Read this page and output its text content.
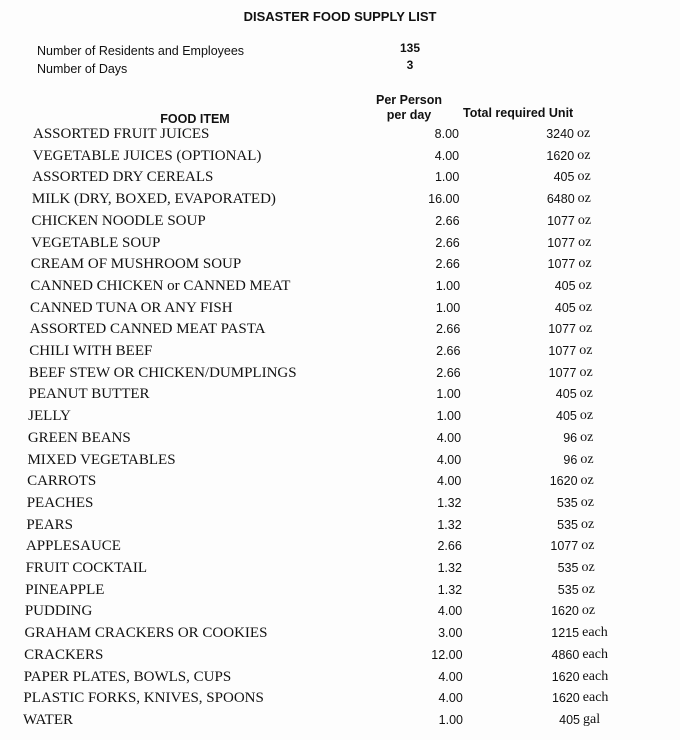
DISASTER FOOD SUPPLY LIST
Number of Residents and Employees	135
Number of Days	3
FOOD ITEM
Per Person
per day	Total required Unit
ASSORTED FRUIT JUICES	8.00	3240 oz
VEGETABLE JUICES (OPTIONAL)	4.00	1620 oz
ASSORTED DRY CEREALS	1.00	405 oz
MILK (DRY, BOXED, EVAPORATED)	16.00	6480 oz
CHICKEN NOODLE SOUP	2.66	1077 oz
VEGETABLE SOUP	2.66	1077 oz
CREAM OF MUSHROOM SOUP	2.66	1077 oz
CANNED CHICKEN or CANNED MEAT	1.00	405 oz
CANNED TUNA OR ANY FISH	1.00	405 oz
ASSORTED CANNED MEAT PASTA	2.66	1077 oz
CHILI WITH BEEF	2.66	1077 oz
BEEF STEW OR CHICKEN/DUMPLINGS	2.66	1077 oz
PEANUT BUTTER	1.00	405 oz
JELLY	1.00	405 oz
GREEN BEANS	4.00	96 oz
MIXED VEGETABLES	4.00	96 oz
CARROTS	4.00	1620 oz
PEACHES	1.32	535 oz
PEARS	1.32	535 oz
APPLESAUCE	2.66	1077 oz
FRUIT COCKTAIL	1.32	535 oz
PINEAPPLE	1.32	535 oz
PUDDING	4.00	1620 oz
GRAHAM CRACKERS OR COOKIES	3.00	1215 each
CRACKERS	12.00	4860 each
PAPER PLATES, BOWLS, CUPS	4.00	1620 each
PLASTIC FORKS, KNIVES, SPOONS	4.00	1620 each
WATER	1.00	405 gal
